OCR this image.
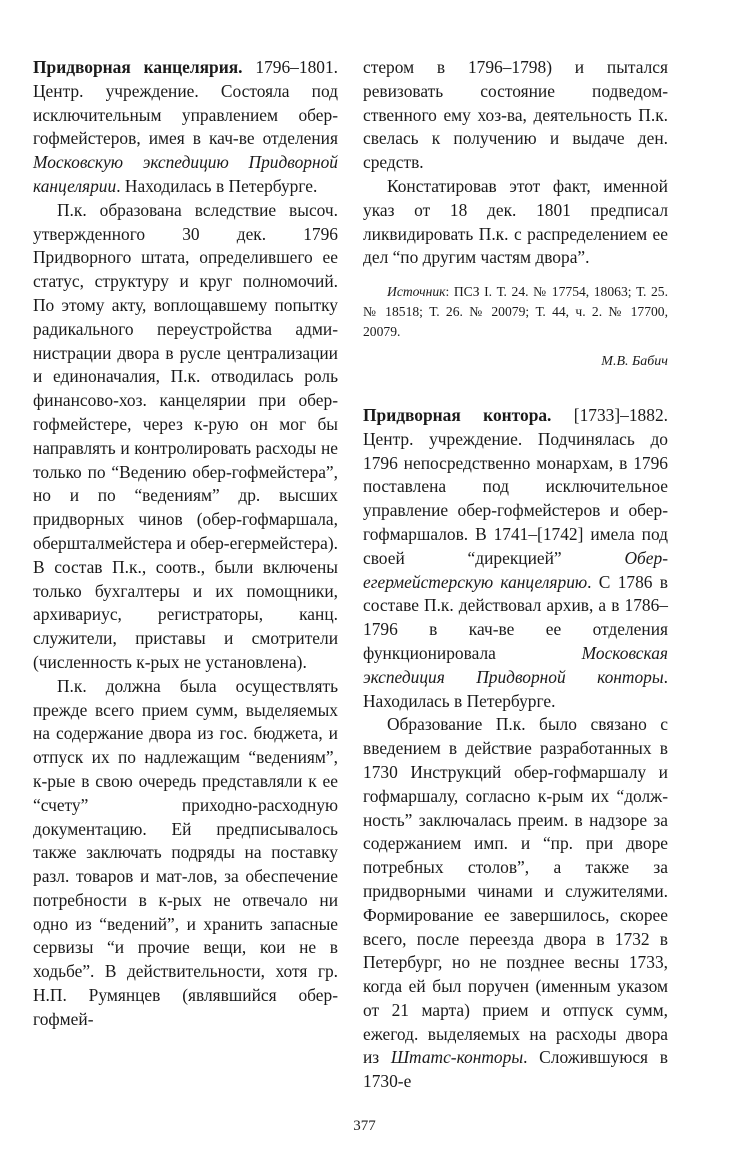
Придворная канцелярия. 1796–1801. Центр. учреждение. Состояла под исключительным управлением обер-гофмейстеров, имея в кач-ве отделения Московскую экспедицию Придворной канцелярии. Находилась в Петербурге.

П.к. образована вследствие высоч. утвержденного 30 дек. 1796 Придворного штата, определившего ее статус, структуру и круг полномочий. По этому акту, воплощавшему попытку радикального переустройства администрации двора в русле централизации и единоначалия, П.к. отводилась роль финансово-хоз. канцелярии при обер-гофмейстере, через к-рую он мог бы направлять и контролировать расходы не только по “Ведению обер-гофмейстера”, но и по “ведениям” др. высших придворных чинов (обер-гофмаршала, обершталмейстера и обер-егермейстера). В состав П.к., соотв., были включены только бухгалтеры и их помощники, архивариус, регистраторы, канц. служители, приставы и смотрители (численность к-рых не установлена).

П.к. должна была осуществлять прежде всего прием сумм, выделяемых на содержание двора из гос. бюджета, и отпуск их по надлежащим “ведениям”, к-рые в свою очередь представляли к ее “счету” приходно-расходную документацию. Ей предписывалось также заключать подряды на поставку разл. товаров и мат-лов, за обеспечение потребности в к-рых не отвечало ни одно из “ведений”, и хранить запасные сервизы “и прочие вещи, кои не в ходьбе”. В действительности, хотя гр. Н.П. Румянцев (являвшийся обер-гофмей-

стером в 1796–1798) и пытался ревизовать состояние подведомственного ему хоз-ва, деятельность П.к. свелась к получению и выдаче ден. средств.

Констатировав этот факт, именной указ от 18 дек. 1801 предписал ликвидировать П.к. с распределением ее дел “по другим частям двора”.

Источник: ПСЗ I. Т. 24. № 17754, 18063; Т. 25. № 18518; Т. 26. № 20079; Т. 44, ч. 2. № 17700, 20079.

М.В. Бабич

Придворная контора. [1733]–1882. Центр. учреждение. Подчинялась до 1796 непосредственно монархам, в 1796 поставлена под исключительное управление обер-гофмейстеров и обер-гофмаршалов. В 1741–[1742] имела под своей “дирекцией” Оберегермейстерскую канцелярию. С 1786 в составе П.к. действовал архив, а в 1786–1796 в кач-ве ее отделения функционировала Московская экспедиция Придворной конторы. Находилась в Петербурге.

Образование П.к. было связано с введением в действие разработанных в 1730 Инструкций обер-гофмаршалу и гофмаршалу, согласно к-рым их “должность” заключалась преим. в надзоре за содержанием имп. и “пр. при дворе потребных столов”, а также за придворными чинами и служителями. Формирование ее завершилось, скорее всего, после переезда двора в 1732 в Петербург, но не позднее весны 1733, когда ей был поручен (именным указом от 21 марта) прием и отпуск сумм, ежегод. выделяемых на расходы двора из Штатс-конторы. Сложившуюся в 1730-е

377
